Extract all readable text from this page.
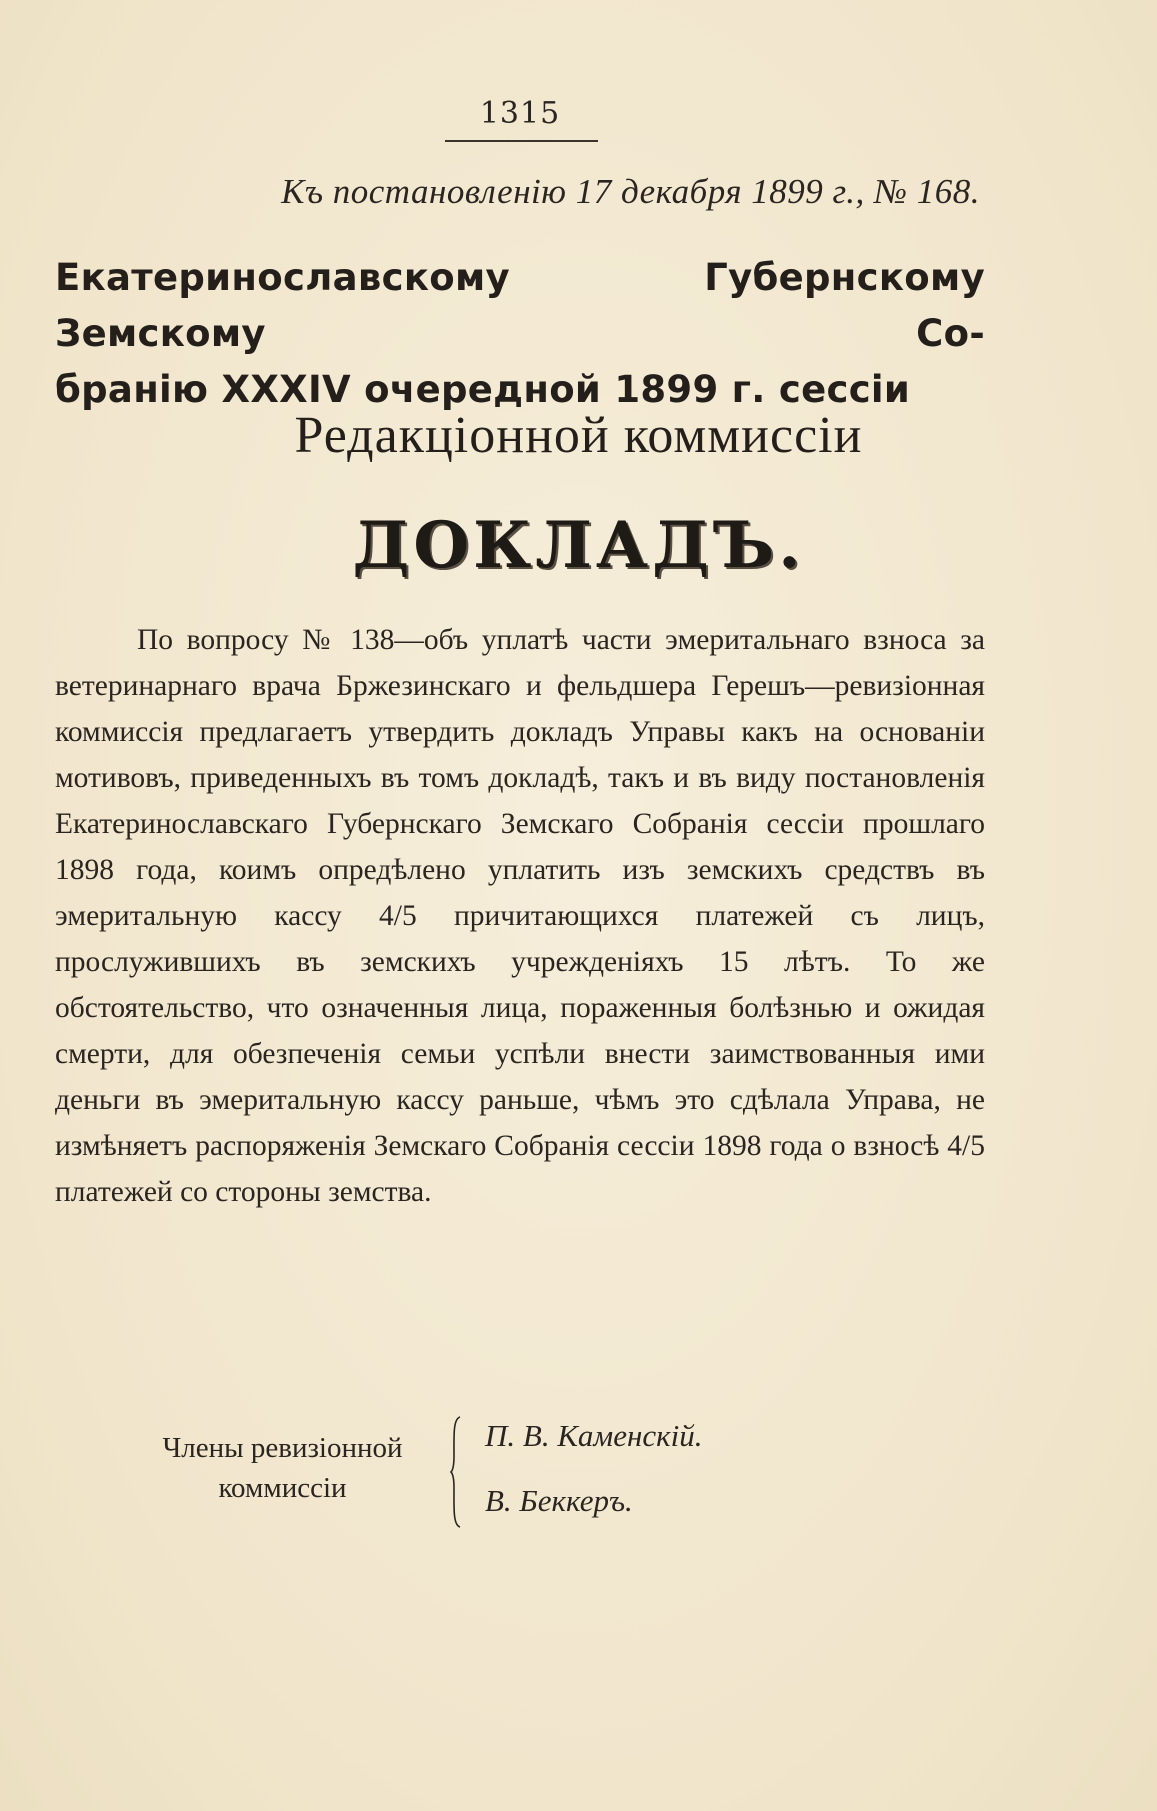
1315
Къ постановленію 17 декабря 1899 г., № 168.
Екатеринославскому Губернскому Земскому Со-
бранію XXXIV очередной 1899 г. сессіи
Редакціонной коммиссіи
ДОКЛАДЪ.

По вопросу № 138—объ уплатѣ части эмеритальнаго взноса за ветеринарнаго врача Бржезинскаго и фельдшера Герешъ—ревизіонная коммиссія предлагаетъ утвердить докладъ Управы какъ на основаніи мотивовъ, приведенныхъ въ томъ докладѣ, такъ и въ виду постановленія Екатеринославскаго Губернскаго Земскаго Собранія сессіи прошлаго 1898 года, коимъ опредѣлено уплатить изъ земскихъ средствъ въ эмеритальную кассу 4/5 причитающихся платежей съ лицъ, прослужившихъ въ земскихъ учрежденіяхъ 15 лѣтъ. То же обстоятельство, что означенныя лица, пораженныя болѣзнью и ожидая смерти, для обезпеченія семьи успѣли внести заимствованныя ими деньги въ эмеритальную кассу раньше, чѣмъ это сдѣлала Управа, не измѣняетъ распоряженія Земскаго Собранія сессіи 1898 года о взносѣ 4/5 платежей со стороны земства.

Члены ревизіонной
коммиссіи
П. В. Каменскій.
В. Беккеръ.
